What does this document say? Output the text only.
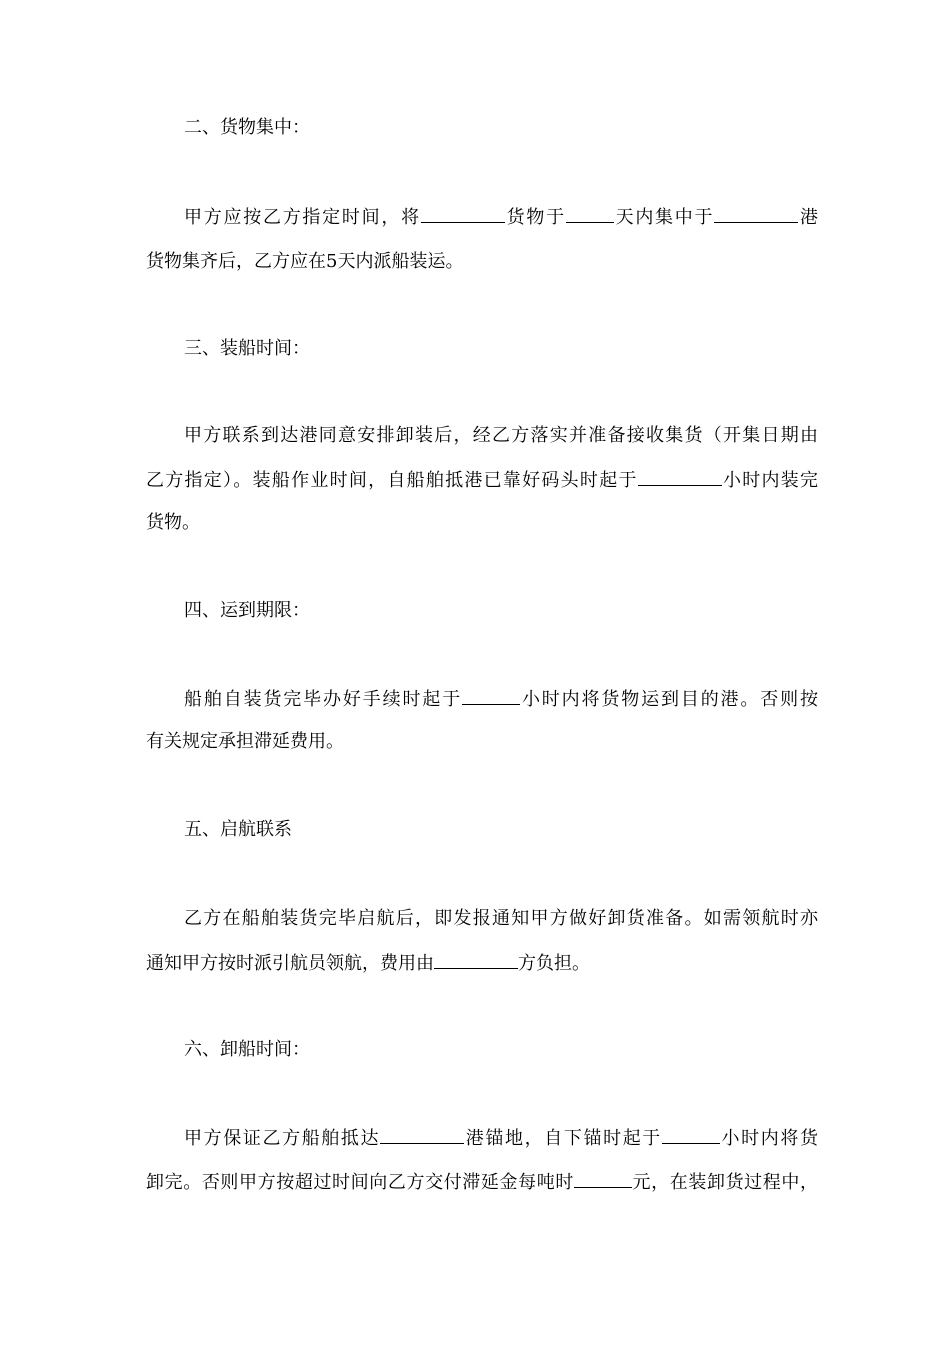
二、货物集中：
甲方应按乙方指定时间，将	货物于	天内集中于	港
货物集齐后，乙方应在5天内派船装运。
三、装船时间：
甲方联系到达港同意安排卸装后，经乙方落实并准备接收集货（开集日期由
乙方指定）。装船作业时间，自船舶抵港已靠好码头时起于	小时内装完
货物。
四、运到期限：
船舶自装货完毕办好手续时起于	小时内将货物运到目的港。否则按
有关规定承担滞延费用。
五、启航联系
乙方在船舶装货完毕启航后，即发报通知甲方做好卸货准备。如需领航时亦
通知甲方按时派引航员领航，费用由	方负担。
六、卸船时间：
甲方保证乙方船舶抵达	港锚地，自下锚时起于	小时内将货
卸完。否则甲方按超过时间向乙方交付滞延金每吨时	元，在装卸货过程中，
